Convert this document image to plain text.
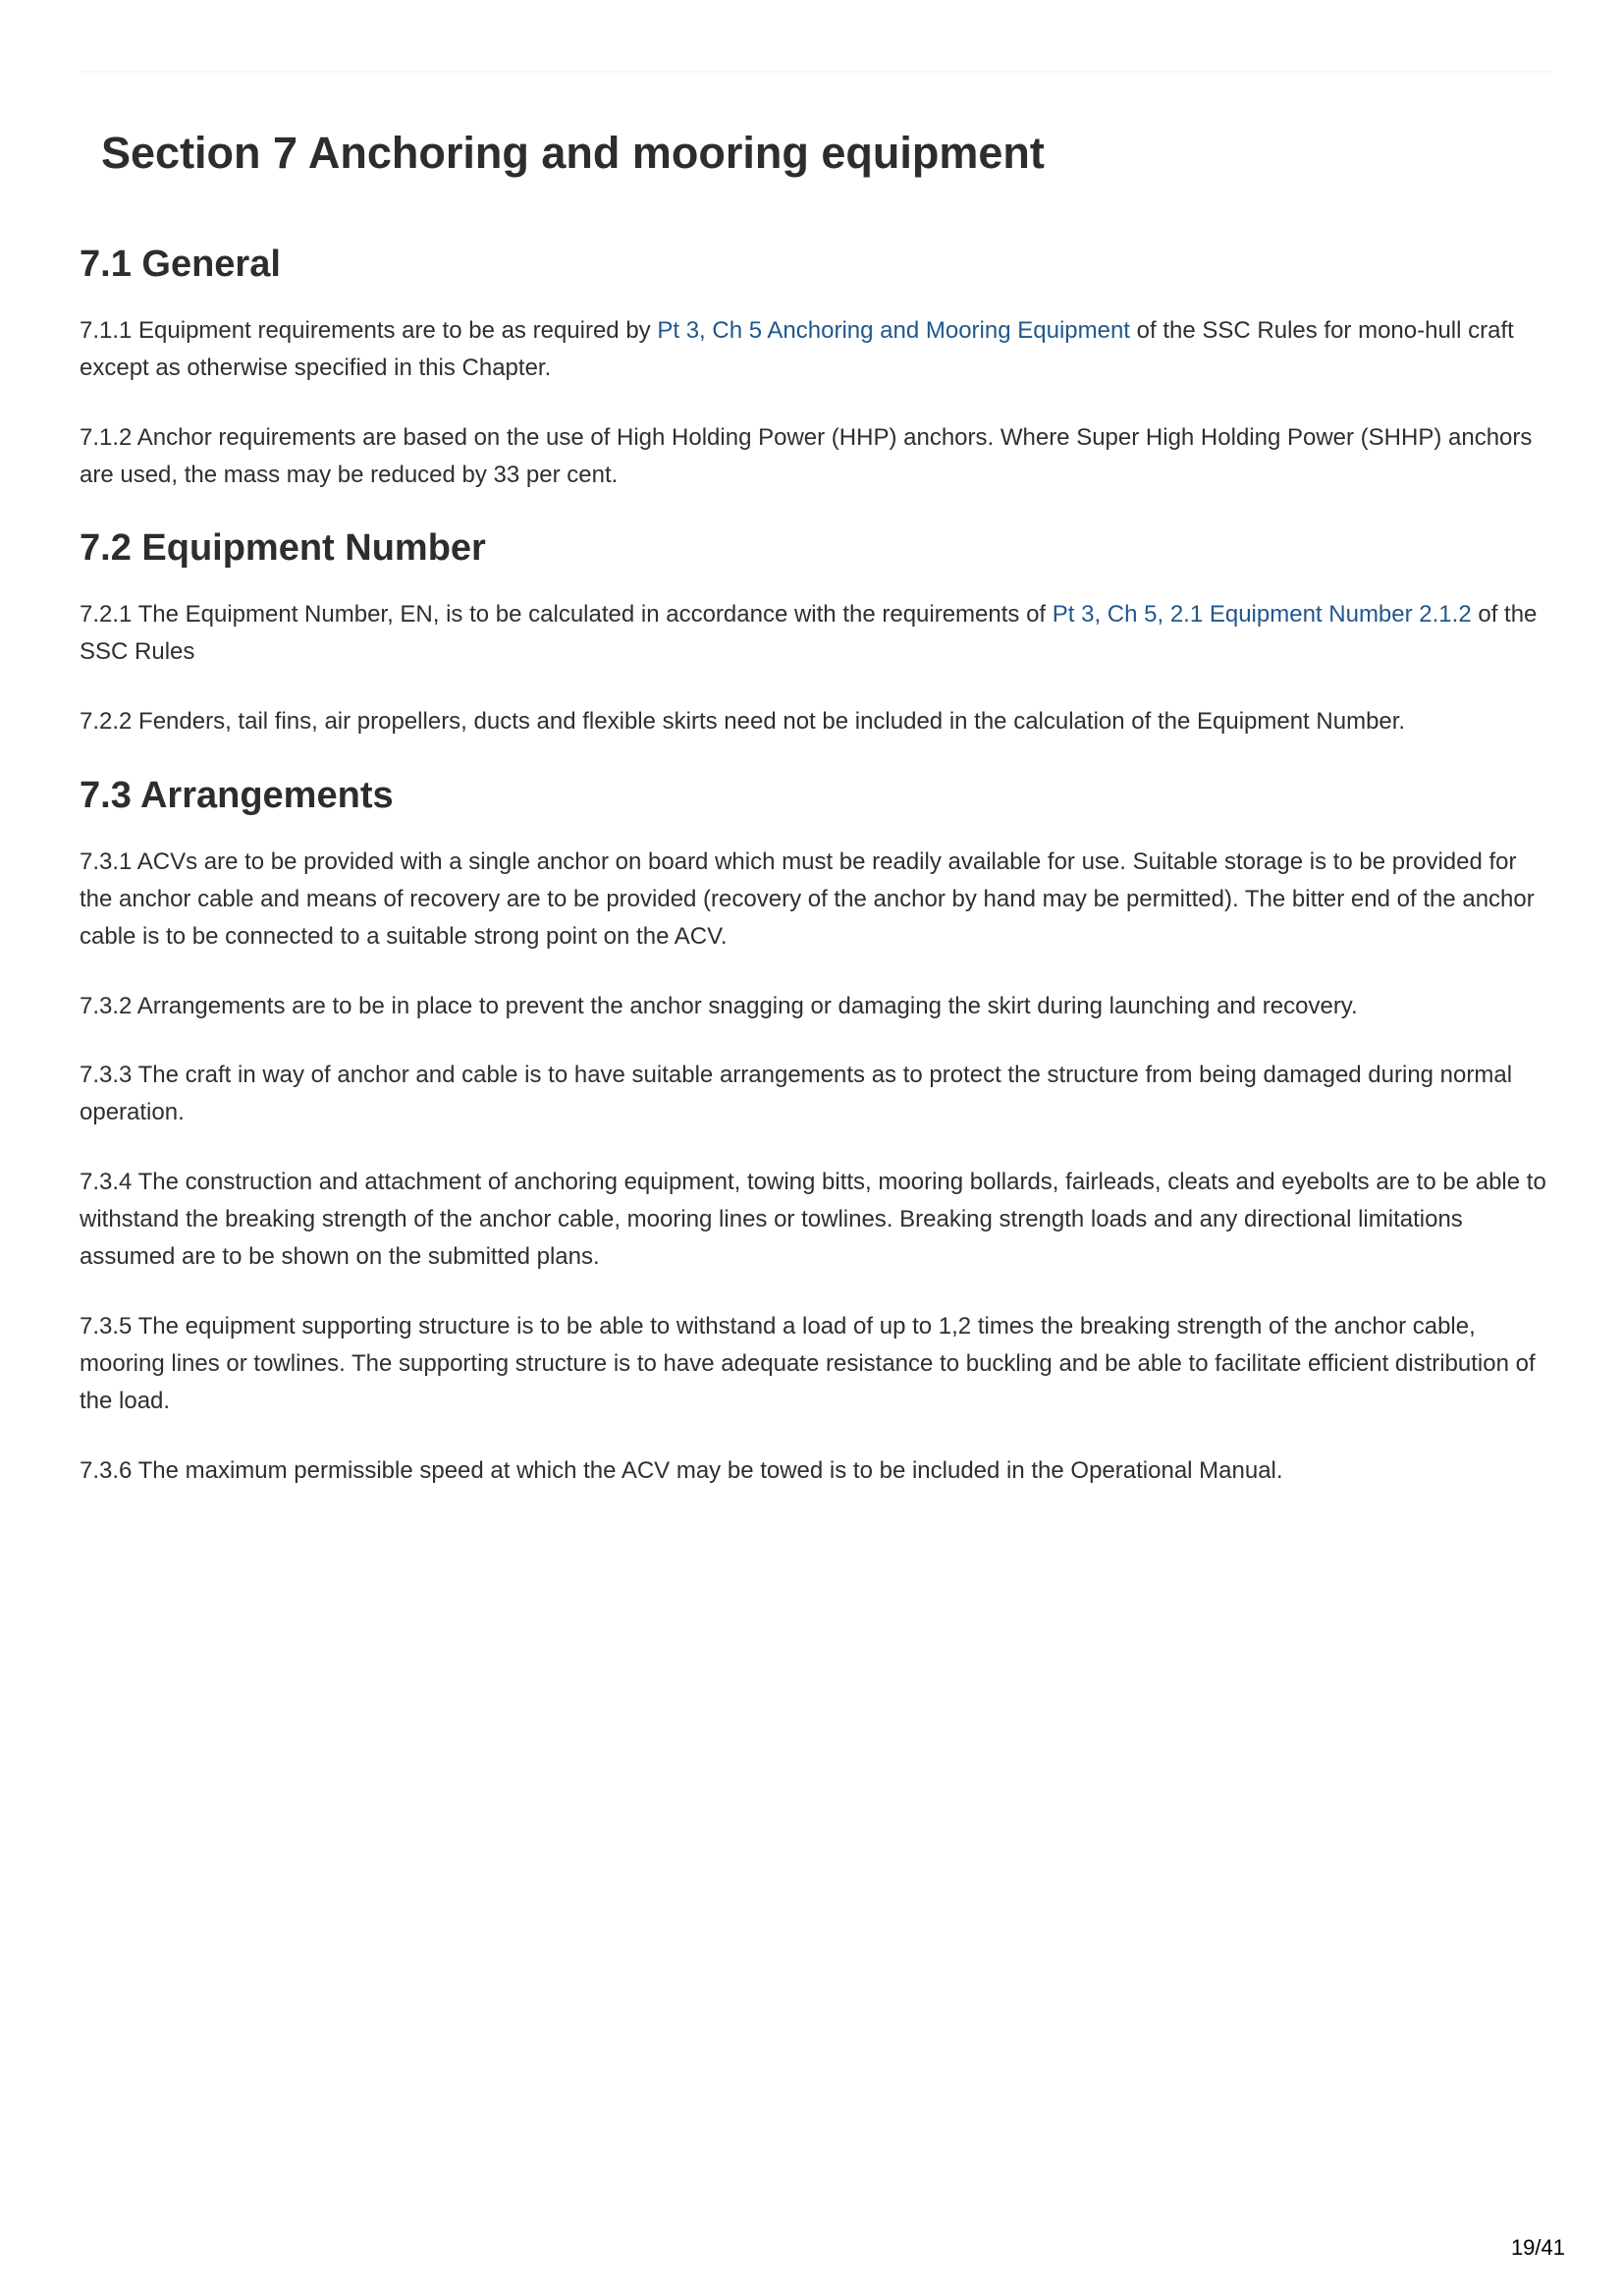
Section 7 Anchoring and mooring equipment
7.1 General

7.1.1 Equipment requirements are to be as required by Pt 3, Ch 5 Anchoring and Mooring Equipment of the SSC Rules for mono-hull craft except as otherwise specified in this Chapter.

7.1.2 Anchor requirements are based on the use of High Holding Power (HHP) anchors. Where Super High Holding Power (SHHP) anchors are used, the mass may be reduced by 33 per cent.

7.2 Equipment Number

7.2.1 The Equipment Number, EN, is to be calculated in accordance with the requirements of Pt 3, Ch 5, 2.1 Equipment Number 2.1.2 of the SSC Rules

7.2.2 Fenders, tail fins, air propellers, ducts and flexible skirts need not be included in the calculation of the Equipment Number.

7.3 Arrangements

7.3.1 ACVs are to be provided with a single anchor on board which must be readily available for use. Suitable storage is to be provided for the anchor cable and means of recovery are to be provided (recovery of the anchor by hand may be permitted). The bitter end of the anchor cable is to be connected to a suitable strong point on the ACV.

7.3.2 Arrangements are to be in place to prevent the anchor snagging or damaging the skirt during launching and recovery.

7.3.3 The craft in way of anchor and cable is to have suitable arrangements as to protect the structure from being damaged during normal operation.

7.3.4 The construction and attachment of anchoring equipment, towing bitts, mooring bollards, fairleads, cleats and eyebolts are to be able to withstand the breaking strength of the anchor cable, mooring lines or towlines. Breaking strength loads and any directional limitations assumed are to be shown on the submitted plans.

7.3.5 The equipment supporting structure is to be able to withstand a load of up to 1,2 times the breaking strength of the anchor cable, mooring lines or towlines. The supporting structure is to have adequate resistance to buckling and be able to facilitate efficient distribution of the load.

7.3.6 The maximum permissible speed at which the ACV may be towed is to be included in the Operational Manual.

19/41
